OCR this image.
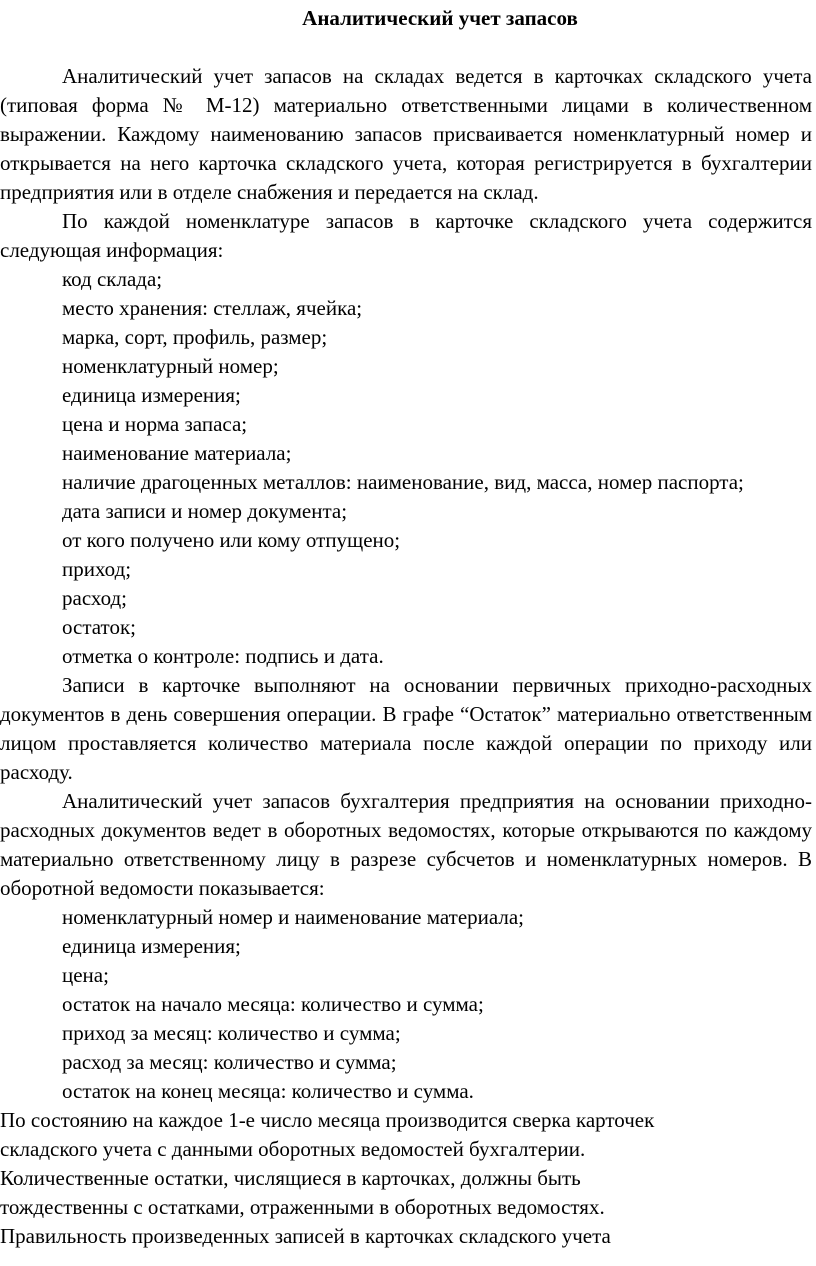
Аналитический учет запасов

Аналитический учет запасов на складах ведется в карточках складского учета (типовая форма № М-12) материально ответственными лицами в количественном выражении. Каждому наименованию запасов присваивается номенклатурный номер и открывается на него карточка складского учета, которая регистрируется в бухгалтерии предприятия или в отделе снабжения и передается на склад.

По каждой номенклатуре запасов в карточке складского учета содержится следующая информация:

код склада;

место хранения: стеллаж, ячейка;

марка, сорт, профиль, размер;

номенклатурный номер;

единица измерения;

цена и норма запаса;

наименование материала;

наличие драгоценных металлов: наименование, вид, масса, номер паспорта;

дата записи и номер документа;

от кого получено или кому отпущено;

приход;

расход;

остаток;

отметка о контроле: подпись и дата.

Записи в карточке выполняют на основании первичных приходно-расходных документов в день совершения операции. В графе “Остаток” материально ответственным лицом проставляется количество материала после каждой операции по приходу или расходу.

Аналитический учет запасов бухгалтерия предприятия на основании приходно-расходных документов ведет в оборотных ведомостях, которые открываются по каждому материально ответственному лицу в разрезе субсчетов и номенклатурных номеров. В оборотной ведомости показывается:

номенклатурный номер и наименование материала;

единица измерения;

цена;

остаток на начало месяца: количество и сумма;

приход за месяц: количество и сумма;

расход за месяц: количество и сумма;

остаток на конец месяца: количество и сумма.

По состоянию на каждое 1-е число месяца производится сверка карточек

складского учета с данными оборотных ведомостей бухгалтерии.

Количественные остатки, числящиеся в карточках, должны быть

тождественны с остатками, отраженными в оборотных ведомостях.

Правильность произведенных записей в карточках складского учета
